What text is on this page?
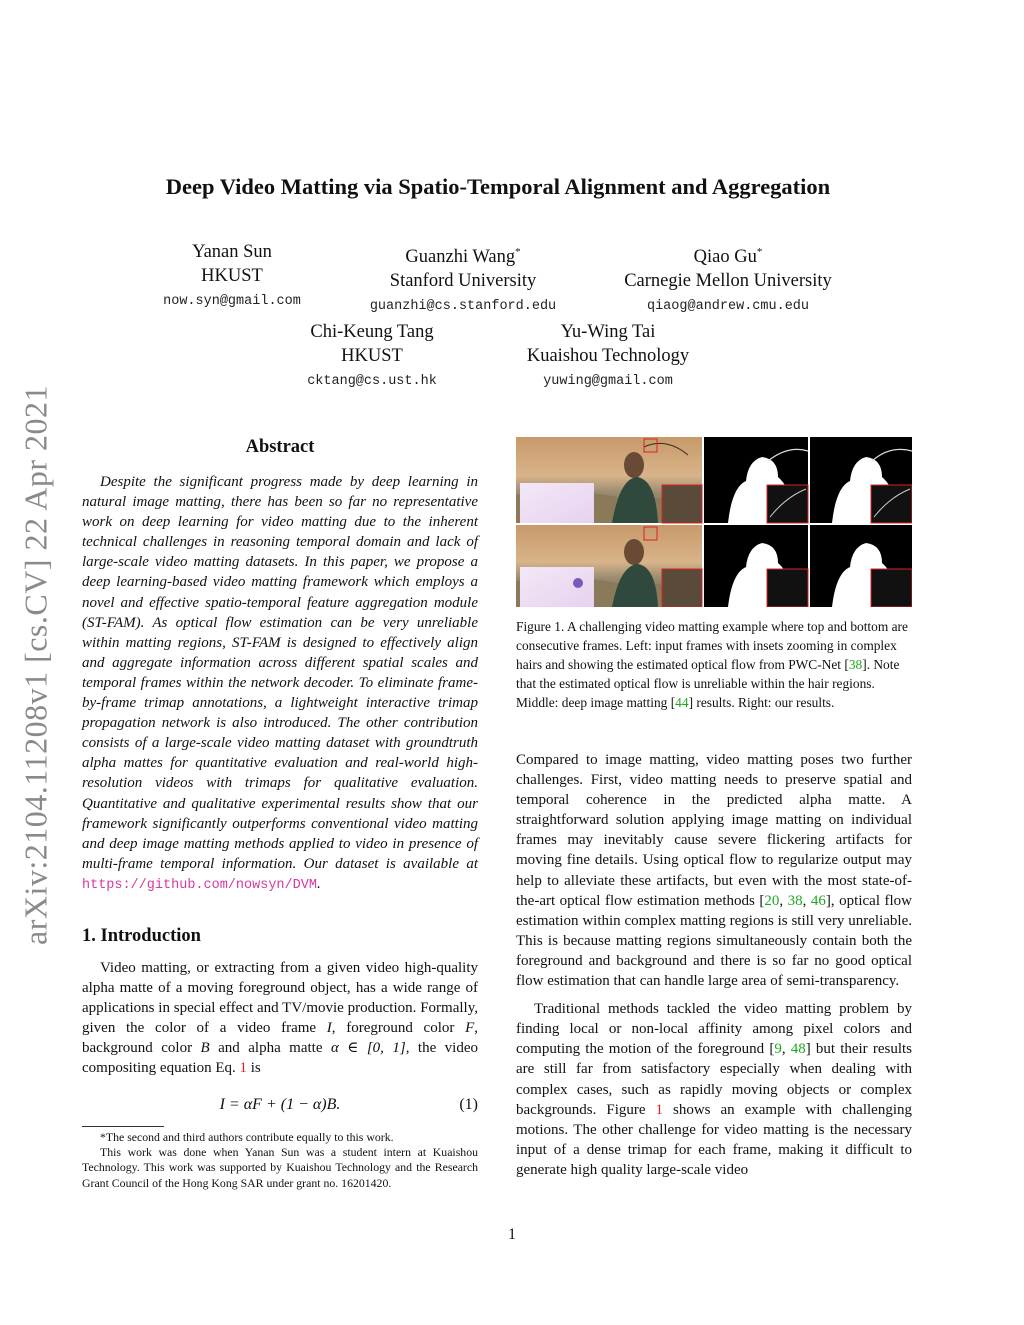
arXiv:2104.11208v1 [cs.CV] 22 Apr 2021
Deep Video Matting via Spatio-Temporal Alignment and Aggregation
Yanan Sun
HKUST
now.syn@gmail.com
Guanzhi Wang*
Stanford University
guanzhi@cs.stanford.edu
Qiao Gu*
Carnegie Mellon University
qiaog@andrew.cmu.edu
Chi-Keung Tang
HKUST
cktang@cs.ust.hk
Yu-Wing Tai
Kuaishou Technology
yuwing@gmail.com
Abstract

Despite the significant progress made by deep learning in natural image matting, there has been so far no representative work on deep learning for video matting due to the inherent technical challenges in reasoning temporal domain and lack of large-scale video matting datasets. In this paper, we propose a deep learning-based video matting framework which employs a novel and effective spatio-temporal feature aggregation module (ST-FAM). As optical flow estimation can be very unreliable within matting regions, ST-FAM is designed to effectively align and aggregate information across different spatial scales and temporal frames within the network decoder. To eliminate frame-by-frame trimap annotations, a lightweight interactive trimap propagation network is also introduced. The other contribution consists of a large-scale video matting dataset with groundtruth alpha mattes for quantitative evaluation and real-world high-resolution videos with trimaps for qualitative evaluation. Quantitative and qualitative experimental results show that our framework significantly outperforms conventional video matting and deep image matting methods applied to video in presence of multi-frame temporal information. Our dataset is available at https://github.com/nowsyn/DVM.

1. Introduction

Video matting, or extracting from a given video high-quality alpha matte of a moving foreground object, has a wide range of applications in special effect and TV/movie production. Formally, given the color of a video frame I, foreground color F, background color B and alpha matte α ∈ [0, 1], the video compositing equation Eq. 1 is

I = αF + (1 − α)B.	(1)

*The second and third authors contribute equally to this work.

This work was done when Yanan Sun was a student intern at Kuaishou Technology. This work was supported by Kuaishou Technology and the Research Grant Council of the Hong Kong SAR under grant no. 16201420.

Figure 1. A challenging video matting example where top and bottom are consecutive frames. Left: input frames with insets zooming in complex hairs and showing the estimated optical flow from PWC-Net [38]. Note that the estimated optical flow is unreliable within the hair regions. Middle: deep image matting [44] results. Right: our results.

Compared to image matting, video matting poses two further challenges. First, video matting needs to preserve spatial and temporal coherence in the predicted alpha matte. A straightforward solution applying image matting on individual frames may inevitably cause severe flickering artifacts for moving fine details. Using optical flow to regularize output may help to alleviate these artifacts, but even with the most state-of-the-art optical flow estimation methods [20, 38, 46], optical flow estimation within complex matting regions is still very unreliable. This is because matting regions simultaneously contain both the foreground and background and there is so far no good optical flow estimation that can handle large area of semi-transparency.

Traditional methods tackled the video matting problem by finding local or non-local affinity among pixel colors and computing the motion of the foreground [9, 48] but their results are still far from satisfactory especially when dealing with complex cases, such as rapidly moving objects or complex backgrounds. Figure 1 shows an example with challenging motions. The other challenge for video matting is the necessary input of a dense trimap for each frame, making it difficult to generate high quality large-scale video

1
